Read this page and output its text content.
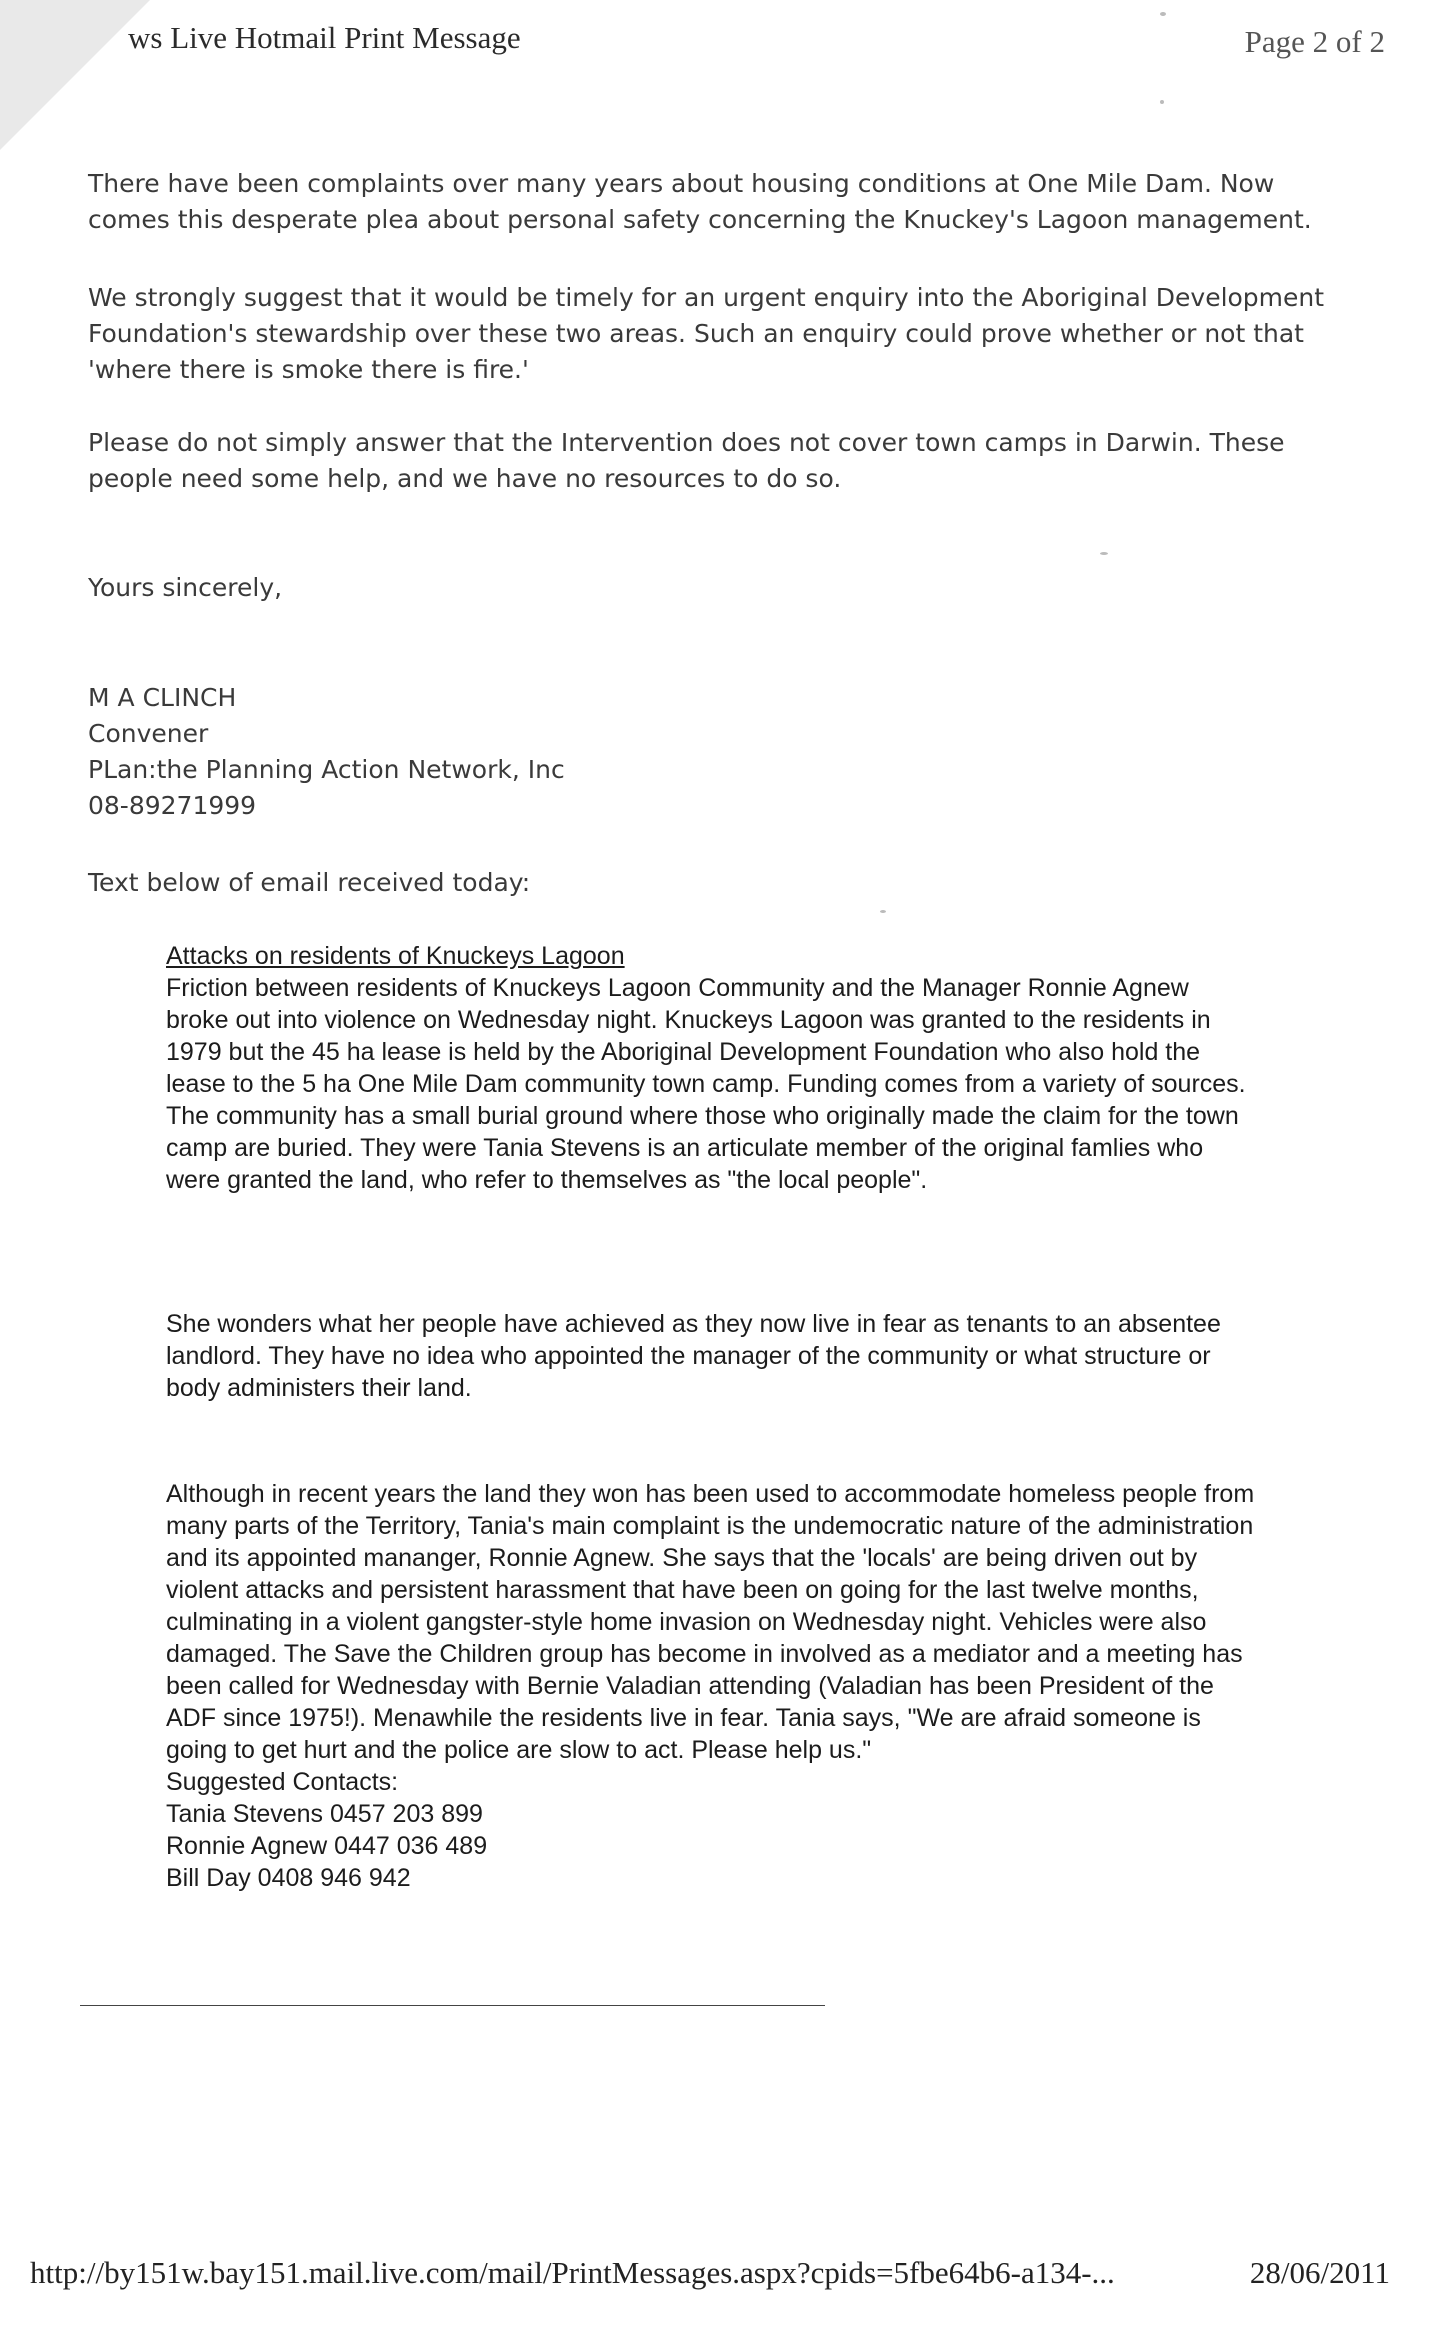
ws Live Hotmail Print Message	Page 2 of 2

There have been complaints over many years about housing conditions at One Mile Dam. Now comes this desperate plea about personal safety concerning the Knuckey's Lagoon management.

We strongly suggest that it would be timely for an urgent enquiry into the Aboriginal Development Foundation's stewardship over these two areas. Such an enquiry could prove whether or not that 'where there is smoke there is fire.'

Please do not simply answer that the Intervention does not cover town camps in Darwin. These people need some help, and we have no resources to do so.

Yours sincerely,

M A CLINCH

Convener

PLan:the Planning Action Network, Inc

08-89271999

Text below of email received today:

Attacks on residents of Knuckeys Lagoon

Friction between residents of Knuckeys Lagoon Community and the Manager Ronnie Agnew broke out into violence on Wednesday night. Knuckeys Lagoon was granted to the residents in 1979 but the 45 ha lease is held by the Aboriginal Development Foundation who also hold the lease to the 5 ha One Mile Dam community town camp. Funding comes from a variety of sources. The community has a small burial ground where those who originally made the claim for the town camp are buried. They were Tania Stevens is an articulate member of the original famlies who were granted the land, who refer to themselves as "the local people".

She wonders what her people have achieved as they now live in fear as tenants to an absentee landlord. They have no idea who appointed the manager of the community or what structure or body administers their land.

Although in recent years the land they won has been used to accommodate homeless people from many parts of the Territory, Tania's main complaint is the undemocratic nature of the administration and its appointed mananger, Ronnie Agnew. She says that the 'locals' are being driven out by violent attacks and persistent harassment that have been on going for the last twelve months, culminating in a violent gangster-style home invasion on Wednesday night. Vehicles were also damaged. The Save the Children group has become in involved as a mediator and a meeting has been called for Wednesday with Bernie Valadian attending (Valadian has been President of the ADF since 1975!). Menawhile the residents live in fear. Tania says, "We are afraid someone is going to get hurt and the police are slow to act. Please help us."

Suggested Contacts:

Tania Stevens 0457 203 899

Ronnie Agnew 0447 036 489

Bill Day 0408 946 942

http://by151w.bay151.mail.live.com/mail/PrintMessages.aspx?cpids=5fbe64b6-a134-...	28/06/2011
